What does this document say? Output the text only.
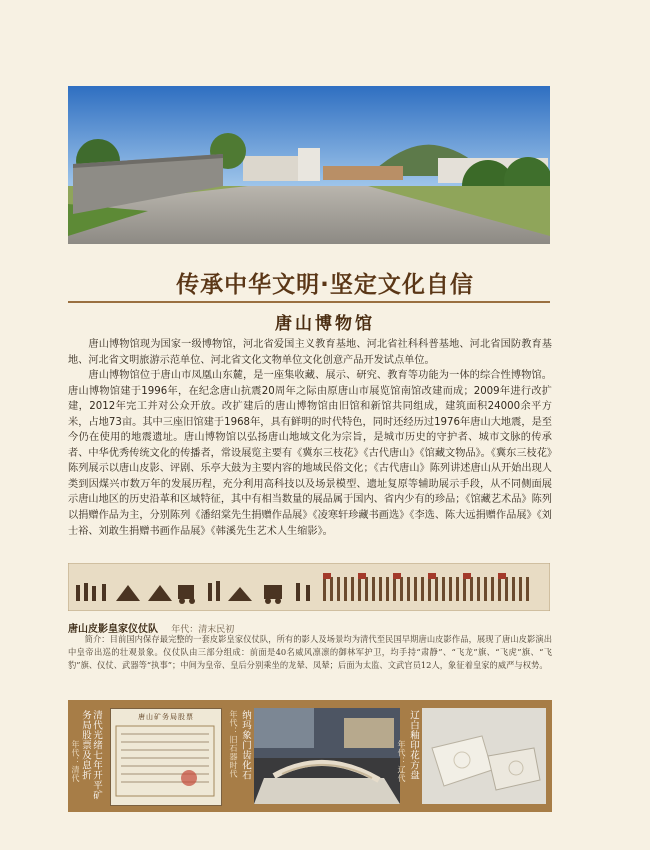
传承中华文明·坚定文化自信
唐山博物馆

唐山博物馆现为国家一级博物馆，河北省爱国主义教育基地、河北省社科科普基地、河北省国防教育基地、河北省文明旅游示范单位、河北省文化文物单位文化创意产品开发试点单位。

唐山博物馆位于唐山市凤凰山东麓，是一座集收藏、展示、研究、教育等功能为一体的综合性博物馆。唐山博物馆建于1996年，在纪念唐山抗震20周年之际由原唐山市展览馆南馆改建而成；2009年进行改扩建，2012年完工并对公众开放。改扩建后的唐山博物馆由旧馆和新馆共同组成，建筑面积24000余平方米，占地73亩。其中三座旧馆建于1968年，具有鲜明的时代特色，同时还经历过1976年唐山大地震，是至今仍在使用的地震遗址。唐山博物馆以弘扬唐山地域文化为宗旨，是城市历史的守护者、城市文脉的传承者、中华优秀传统文化的传播者，常设展览主要有《冀东三枝花》《古代唐山》《馆藏文物品》。《冀东三枝花》陈列展示以唐山皮影、评剧、乐亭大鼓为主要内容的地域民俗文化；《古代唐山》陈列讲述唐山从开始出现人类到因煤兴市数万年的发展历程，充分利用高科技以及场景模型、遗址复原等辅助展示手段，从不同侧面展示唐山地区的历史沿革和区域特征，其中有相当数量的展品属于国内、省内少有的珍品；《馆藏艺术品》陈列以捐赠作品为主，分别陈列《潘绍棠先生捐赠作品展》《凌寒轩珍藏书画选》《李选、陈大远捐赠作品展》《刘士裕、刘敢生捐赠书画作品展》《韩溪先生艺术人生缩影》。

唐山皮影皇家仪仗队 年代：清末民初
简介：目前国内保存最完整的一套皮影皇家仪仗队，所有的影人及场景均为清代至民国早期唐山皮影作品，展现了唐山皮影演出中皇帝出巡的壮观景象。仪仗队由三部分组成：前面是40名威风凛凛的御林军护卫，均手持“肃静”、“飞龙”旗、“飞虎”旗、“飞豹”旗、仪仗、武器等“执事”；中间为皇帝、皇后分别乘坐的龙辇、凤辇；后面为太监、文武官员12人，象征着皇家的威严与权势。
清代光绪七年开平矿务局股票及息折
年代：清代
唐山矿务局股票	纳玛象门齿化石
年代：旧石器时代	辽白釉印花方盘
年代：辽代
